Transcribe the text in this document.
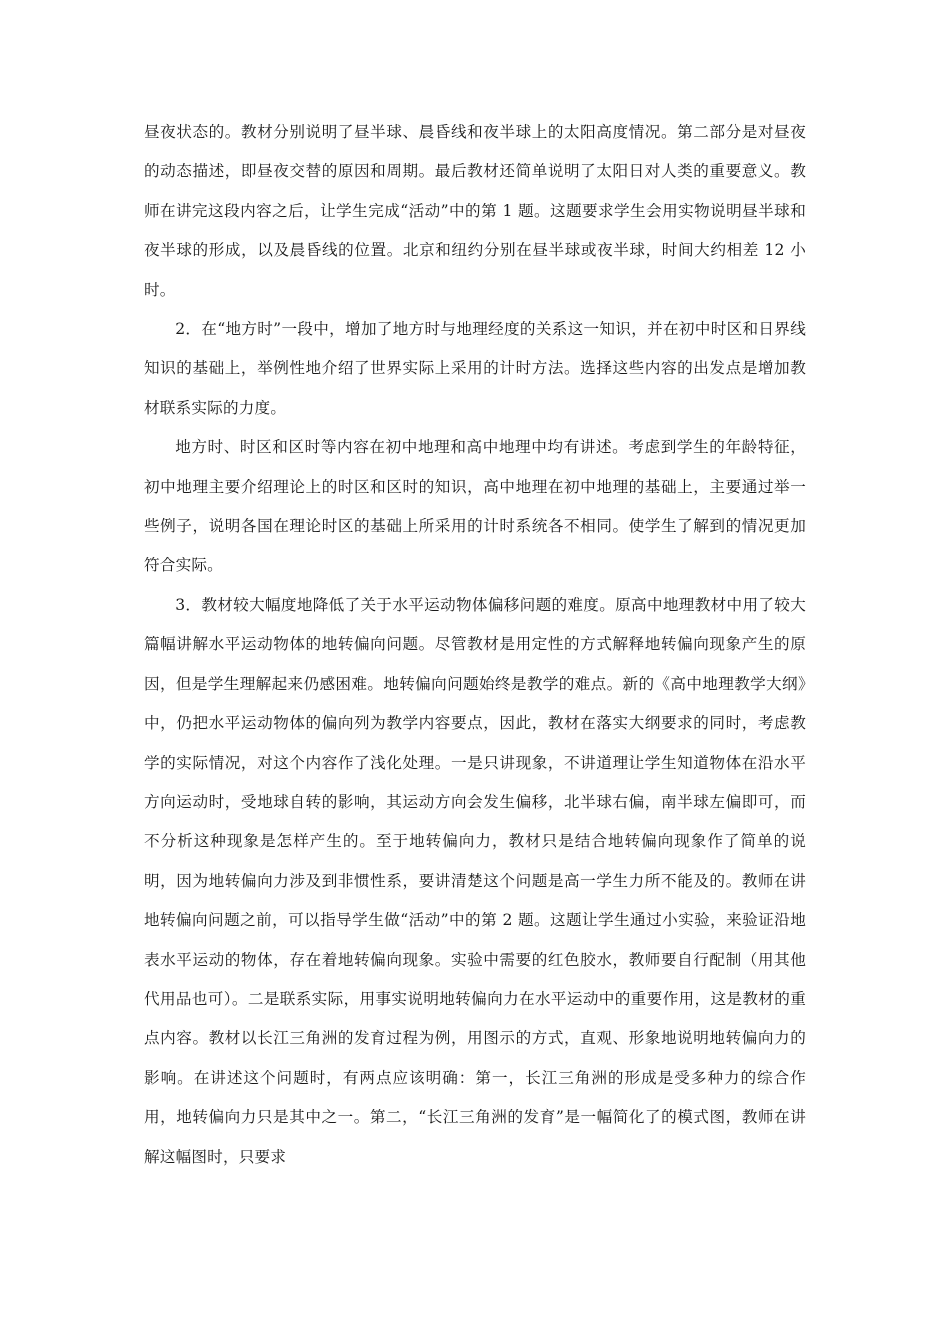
昼夜状态的。教材分别说明了昼半球、晨昏线和夜半球上的太阳高度情况。第二部分是对昼夜的动态描述，即昼夜交替的原因和周期。最后教材还简单说明了太阳日对人类的重要意义。教师在讲完这段内容之后，让学生完成“活动”中的第 1 题。这题要求学生会用实物说明昼半球和夜半球的形成，以及晨昏线的位置。北京和纽约分别在昼半球或夜半球，时间大约相差 12 小时。

2．在“地方时”一段中，增加了地方时与地理经度的关系这一知识，并在初中时区和日界线知识的基础上，举例性地介绍了世界实际上采用的计时方法。选择这些内容的出发点是增加教材联系实际的力度。

地方时、时区和区时等内容在初中地理和高中地理中均有讲述。考虑到学生的年龄特征，初中地理主要介绍理论上的时区和区时的知识，高中地理在初中地理的基础上，主要通过举一些例子，说明各国在理论时区的基础上所采用的计时系统各不相同。使学生了解到的情况更加符合实际。

3．教材较大幅度地降低了关于水平运动物体偏移问题的难度。原高中地理教材中用了较大篇幅讲解水平运动物体的地转偏向问题。尽管教材是用定性的方式解释地转偏向现象产生的原因，但是学生理解起来仍感困难。地转偏向问题始终是教学的难点。新的《高中地理教学大纲》中，仍把水平运动物体的偏向列为教学内容要点，因此，教材在落实大纲要求的同时，考虑教学的实际情况，对这个内容作了浅化处理。一是只讲现象，不讲道理让学生知道物体在沿水平方向运动时，受地球自转的影响，其运动方向会发生偏移，北半球右偏，南半球左偏即可，而不分析这种现象是怎样产生的。至于地转偏向力，教材只是结合地转偏向现象作了简单的说明，因为地转偏向力涉及到非惯性系，要讲清楚这个问题是高一学生力所不能及的。教师在讲地转偏向问题之前，可以指导学生做“活动”中的第 2 题。这题让学生通过小实验，来验证沿地表水平运动的物体，存在着地转偏向现象。实验中需要的红色胶水，教师要自行配制（用其他代用品也可）。二是联系实际，用事实说明地转偏向力在水平运动中的重要作用，这是教材的重点内容。教材以长江三角洲的发育过程为例，用图示的方式，直观、形象地说明地转偏向力的影响。在讲述这个问题时，有两点应该明确：第一，长江三角洲的形成是受多种力的综合作用，地转偏向力只是其中之一。第二，“长江三角洲的发育”是一幅简化了的模式图，教师在讲解这幅图时，只要求
